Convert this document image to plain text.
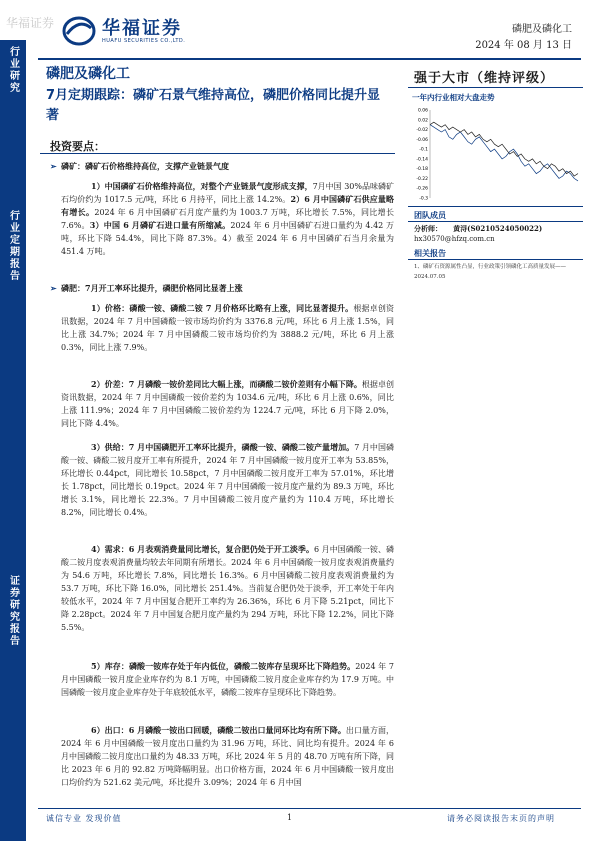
华福证券	华福证券
HUAFU SECURITIES CO.,LTD.
磷肥及磷化工
2024 年 08 月 13 日
行业研究
行业定期报告
证券研究报告
磷肥及磷化工
7月定期跟踪：磷矿石景气维持高位，磷肥价格同比提升显著
投资要点：
➢ 磷矿：磷矿石价格维持高位，支撑产业链景气度
1）中国磷矿石价格维持高位，对整个产业链景气度形成支撑，7月中国 30%品味磷矿石均价约为 1017.5 元/吨，环比 6 月持平，同比上涨 14.2%。2）6 月中国磷矿石供应量略有增长。2024 年 6 月中国磷矿石月度产量约为 1003.7 万吨，环比增长 7.5%，同比增长 7.6%。3）中国 6 月磷矿石进口量有所缩减。2024 年 6 月中国磷矿石进口量约为 4.42 万吨，环比下降 54.4%，同比下降 87.3%。4）截至 2024 年 6 月中国磷矿石当月余量为 451.4 万吨。
➢ 磷肥：7月开工率环比提升，磷肥价格同比显著上涨
1）价格：磷酸一铵、磷酸二铵 7 月价格环比略有上涨，同比显著提升。根据卓创资讯数据，2024 年 7 月中国磷酸一铵市场均价约为 3376.8 元/吨，环比 6 月上涨 1.5%，同比上涨 34.7%；2024 年 7 月中国磷酸二铵市场均价约为 3888.2 元/吨，环比 6 月上涨 0.3%，同比上涨 7.9%。
2）价差：7 月磷酸一铵价差同比大幅上涨，而磷酸二铵价差则有小幅下降。根据卓创资讯数据，2024 年 7 月中国磷酸一铵价差约为 1034.6 元/吨，环比 6 月上涨 0.6%，同比上涨 111.9%；2024 年 7 月中国磷酸二铵价差约为 1224.7 元/吨，环比 6 月下降 2.0%，同比下降 4.4%。
3）供给：7 月中国磷肥开工率环比提升，磷酸一铵、磷酸二铵产量增加。7 月中国磷酸一铵、磷酸二铵月度开工率有所提升，2024 年 7 月中国磷酸一铵月度开工率为 53.85%，环比增长 0.44pct，同比增长 10.58pct，7 月中国磷酸二铵月度开工率为 57.01%，环比增长 1.78pct，同比增长 0.19pct。2024 年 7 月中国磷酸一铵月度产量约为 89.3 万吨，环比增长 3.1%，同比增长 22.3%。7 月中国磷酸二铵月度产量约为 110.4 万吨，环比增长 8.2%，同比增长 0.4%。
4）需求：6 月表观消费量同比增长，复合肥仍处于开工淡季。6 月中国磷酸一铵、磷酸二铵月度表观消费量均较去年同期有所增长。2024 年 6 月中国磷酸一铵月度表观消费量约为 54.6 万吨，环比增长 7.8%，同比增长 16.3%。6 月中国磷酸二铵月度表观消费量约为 53.7 万吨，环比下降 16.0%，同比增长 251.4%。当前复合肥仍处于淡季，开工率处于年内较低水平，2024 年 7 月中国复合肥开工率约为 26.36%，环比 6 月下降 5.21pct，同比下降 2.28pct。2024 年 7 月中国复合肥月度产量约为 294 万吨，环比下降 12.2%，同比下降 5.5%。
5）库存：磷酸一铵库存处于年内低位，磷酸二铵库存呈现环比下降趋势。2024 年 7 月中国磷酸一铵月度企业库存约为 8.1 万吨，中国磷酸二铵月度企业库存约为 17.9 万吨。中国磷酸一铵月度企业库存处于年底较低水平，磷酸二铵库存呈现环比下降趋势。
6）出口：6 月磷酸一铵出口回暖，磷酸二铵出口量同环比均有所下降。出口量方面，2024 年 6 月中国磷酸一铵月度出口量约为 31.96 万吨，环比、同比均有提升。2024 年 6 月中国磷酸二铵月度出口量约为 48.33 万吨，环比 2024 年 5 月的 48.70 万吨有所下降，同比 2023 年 6 月的 92.82 万吨降幅明显。出口价格方面，2024 年 6 月中国磷酸一铵月度出口均价约为 521.62 美元/吨，环比提升 3.09%；2024 年 6 月中国
强于大市（维持评级）
一年内行业相对大盘走势
0.06
0.02
-0.02
-0.06
-0.1
-0.14
-0.18
-0.22
-0.26
-0.3
团队成员
分析师： 黄浔(S0210524050022)
hx30570@hfzq.com.cn
相关报告
1、磷矿石资源属性凸显，行业政策引领磷化工高质量发展——2024.07.05
诚信专业 发现价值	1	请务必阅读报告末页的声明
